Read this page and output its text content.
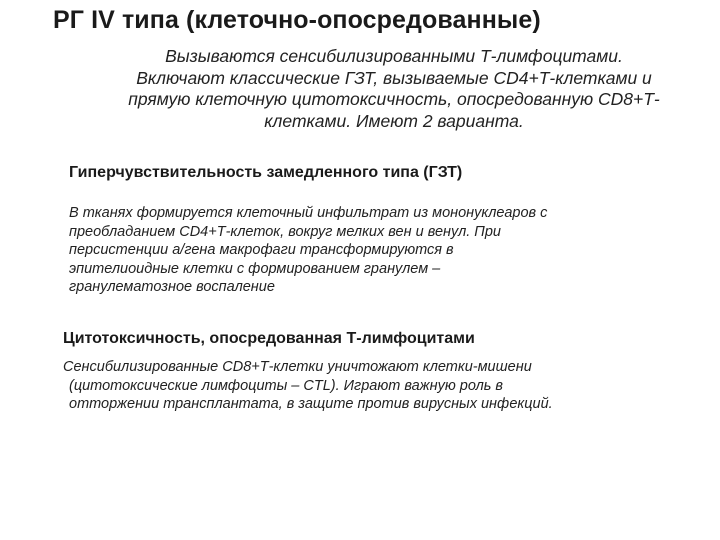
РГ IV типа (клеточно-опосредованные)

Вызываются сенсибилизированными Т-лимфоцитами.
Включают классические ГЗТ, вызываемые CD4+Т-клетками и
прямую клеточную цитотоксичность, опосредованную CD8+Т-
клетками. Имеют 2 варианта.

Гиперчувствительность замедленного типа (ГЗТ)

В тканях формируется клеточный инфильтрат из мононуклеаров с
преобладанием CD4+Т-клеток, вокруг мелких вен и венул. При
персистенции а/гена макрофаги трансформируются в
эпителиоидные клетки с формированием гранулем –
гранулематозное воспаление

Цитотоксичность, опосредованная Т-лимфоцитами

Сенсибилизированные CD8+Т-клетки уничтожают клетки-мишени
(цитотоксические лимфоциты – CTL). Играют важную роль в
отторжении трансплантата, в защите против вирусных инфекций.
